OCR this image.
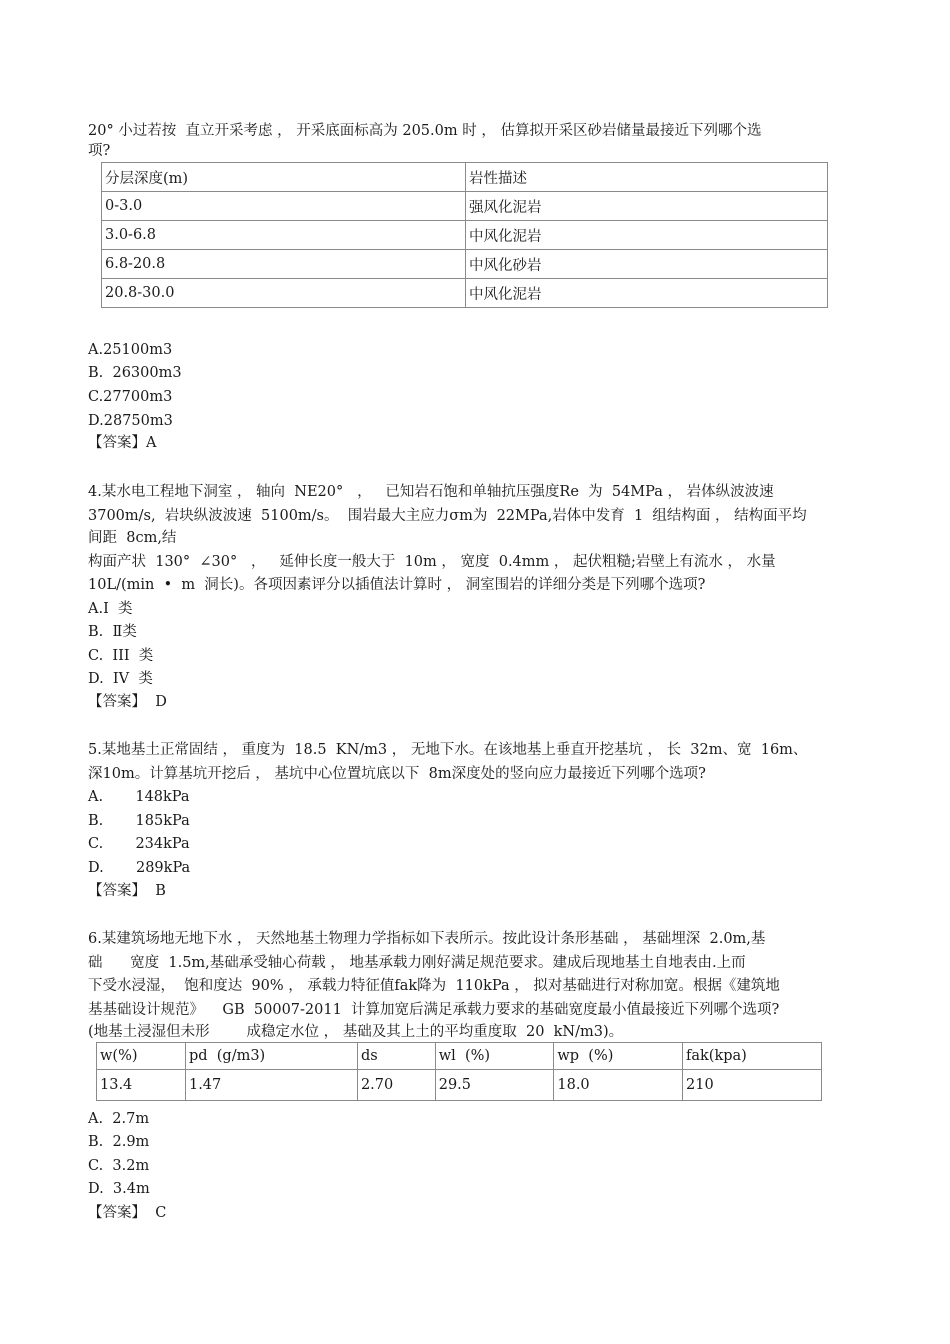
20° 小过若按  直立开采考虑 ， 开采底面标高为 205.0m 时 ， 估算拟开采区砂岩储量最接近下列哪个选
项?
分层深度(m)	岩性描述
0-3.0	强风化泥岩
3.0-6.8	中风化泥岩
6.8-20.8	中风化砂岩
20.8-30.0	中风化泥岩
A.25100m3
B.  26300m3
C.27700m3
D.28750m3
【答案】A
4.某水电工程地下洞室 ， 轴向  NE20°   ，   已知岩石饱和单轴抗压强度Re  为  54MPa ， 岩体纵波波速
3700m/s,  岩块纵波波速  5100m/s。  围岩最大主应力σm为  22MPa,岩体中发育  1  组结构面 ， 结构面平均
间距  8cm,结
构面产状  130°  ∠30°   ，   延伸长度一般大于  10m ， 宽度  0.4mm ， 起伏粗糙;岩壁上有流水 ， 水量
10L/(min  •  m  洞长)。各项因素评分以插值法计算时 ， 洞室围岩的详细分类是下列哪个选项?
A.I  类
B.  Ⅱ类
C.  III  类
D.  IV  类
【答案】  D
5.某地基土正常固结 ， 重度为  18.5  KN/m3 ， 无地下水。在该地基上垂直开挖基坑 ， 长  32m、宽  16m、
深10m。计算基坑开挖后 ， 基坑中心位置坑底以下  8m深度处的竖向应力最接近下列哪个选项?
A.       148kPa
B.       185kPa
C.       234kPa
D.       289kPa
【答案】  B
6.某建筑场地无地下水 ， 天然地基土物理力学指标如下表所示。按此设计条形基础 ， 基础埋深  2.0m,基
础      宽度  1.5m,基础承受轴心荷载 ， 地基承载力刚好满足规范要求。建成后现地基土自地表由.上而
下受水浸湿，  饱和度达  90% ， 承载力特征值fak降为  110kPa ， 拟对基础进行对称加宽。根据《建筑地
基基础设计规范》    GB  50007-2011  计算加宽后满足承载力要求的基础宽度最小值最接近下列哪个选项?
(地基土浸湿但未形        成稳定水位 ， 基础及其上土的平均重度取  20  kN/m3)。
w(%)	pd  (g/m3)	ds	wl  (%)	wp  (%)	fak(kpa)
13.4	1.47	2.70	29.5	18.0	210
A.  2.7m
B.  2.9m
C.  3.2m
D.  3.4m
【答案】  C
